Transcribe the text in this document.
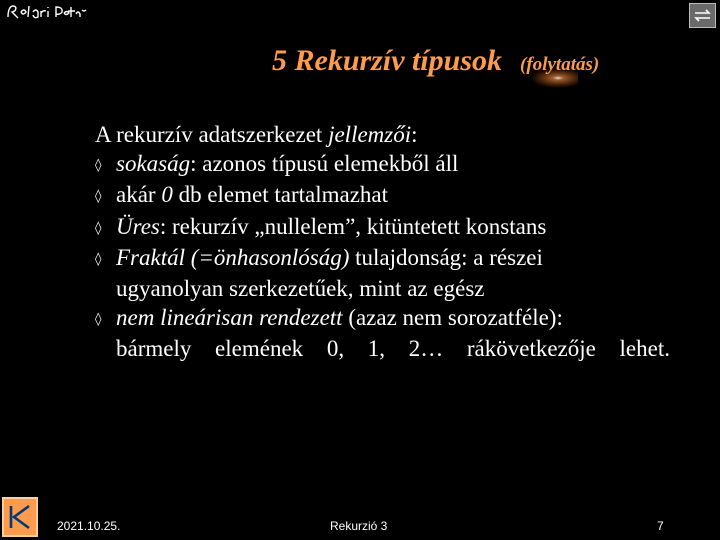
5 Rekurzív típusok (folytatás)
A rekurzív adatszerkezet jellemzői:
◊ sokaság: azonos típusú elemekből áll
◊ akár 0 db elemet tartalmazhat
◊ Üres: rekurzív „nullelem”, kitüntetett konstans
◊ Fraktál (=önhasonlóság) tulajdonság: a részei
ugyanolyan szerkezetűek, mint az egész
◊ nem lineárisan rendezett (azaz nem sorozatféle):
bármely elemének 0, 1, 2… rákövetkezője lehet.
2021.10.25.	Rekurzió 3	7
